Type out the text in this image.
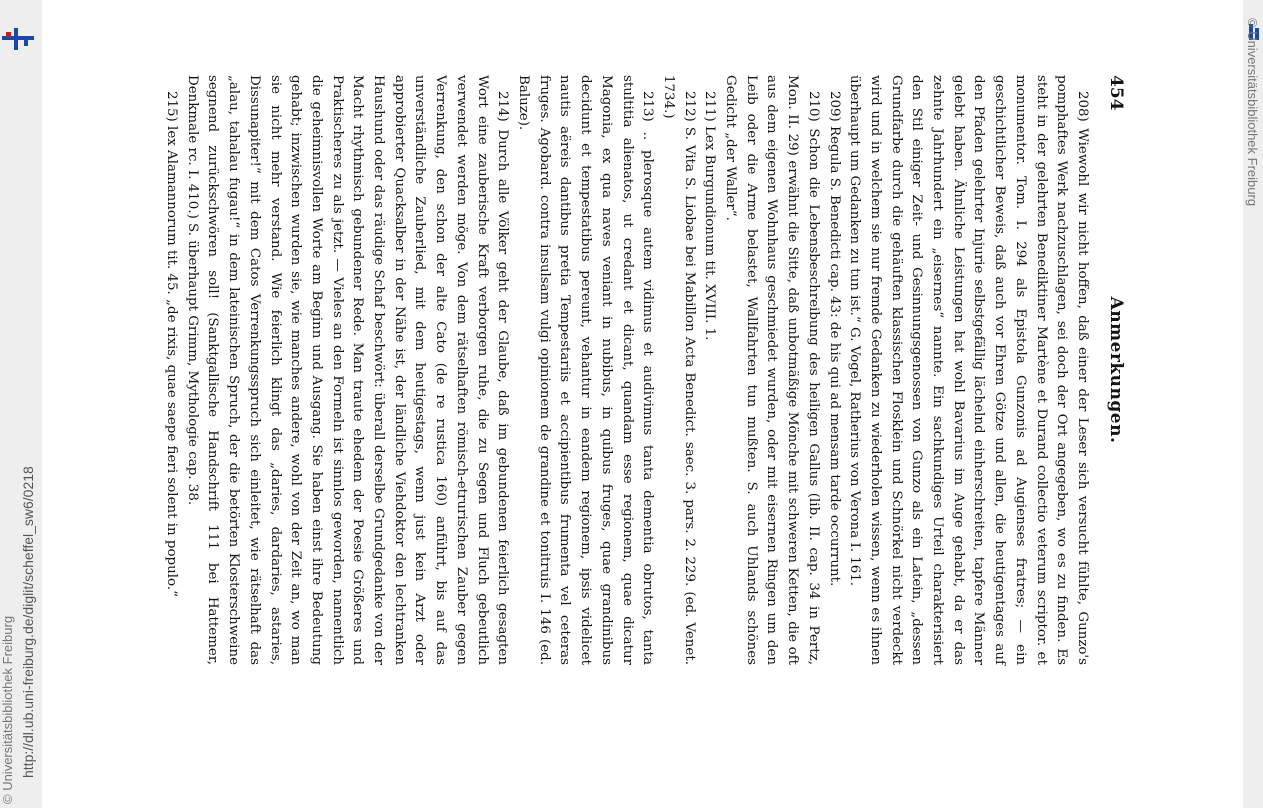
http://dl.ub.uni-freiburg.de/diglit/scheffel_sw6/0218
© Universitätsbibliothek Freiburg
© Universitätsbibliothek Freiburg
454
Anmerkungen.

208) Wiewohl wir nicht hoffen, daß einer der Leser sich versucht fühlte, Gunzo's pomphaftes Werk nachzuschlagen, sei doch der Ort angegeben, wo es zu finden. Es steht in der gelehrten Benediktiner Martène et Durand collectio veterum scriptor. et monumentor. Tom. I. 294 als Epistola Gunzonis ad Augienses fratres; — ein geschichtlicher Beweis, daß auch vor Ehren Götze und allen, die heutigentages auf den Pfaden gelehrter Injurie selbstgefällig lächelnd einherschreiten, tapfere Männer gelebt haben. Ähnliche Leistungen hat wohl Bavarius im Auge gehabt, da er das zehnte Jahrhundert ein „eisernes“ nannte. Ein sachkundiges Urteil charakterisiert den Stil einiger Zeit- und Gesinnungsgenossen von Gunzo als ein Latein, „dessen Grundfarbe durch die gehäuften klassischen Flosklein und Schnörkel nicht verdeckt wird und in welchem sie nur fremde Gedanken zu wiederholen wissen, wenn es ihnen überhaupt um Gedanken zu tun ist.“ G. Vogel, Ratherius von Verona I. 161.

209) Regula S. Benedicti cap. 43: de his qui ad mensam tarde occurrunt.

210) Schon die Lebensbeschreibung des heiligen Gallus (lib. II. cap. 34 in Pertz, Mon. II. 29) erwähnt die Sitte, daß unbotmäßige Mönche mit schweren Ketten, die oft aus dem eigenen Wohnhaus geschmiedet wurden, oder mit eisernen Ringen um den Leib oder die Arme belastet, Wallfahrten tun mußten. S. auch Uhlands schönes Gedicht „der Waller“.

211) Lex Burgundionum tit. XVIII. 1.

212) S. Vita S. Liobae bei Mabillon Acta Benedict. saec. 3. pars. 2. 229. (ed. Venet. 1734.)

213) .. plerosque autem vidimus et audivimus tanta dementia obrutos, tanta stultitia alienatos, ut credant et dicant, quandam esse regionem, quae dicatur Magonia, ex qua naves veniant in nubibus, in quibus fruges, quae grandinibus decidunt et tempestatibus pereunt, vehantur in eandem regionem, ipsis videlicet nautis aëreis dantibus pretia Tempestariis et accipientibus frumenta vel ceteras fruges. Agobard. contra insulsam vulgi opinionem de grandine et tonitruis I. 146 (ed. Baluze).

214) Durch alle Völker geht der Glaube, daß im gebundenen feierlich gesagten Wort eine zauberische Kraft verborgen ruhe, die zu Segen und Fluch gebeutlich verwendet werden möge. Von dem rätselhaften römisch-etrurischen Zauber gegen Verrenkung, den schon der alte Cato (de re rustica 160) anführt, bis auf das unverständliche Zauberlied, mit dem heutigestags, wenn just kein Arzt oder approbierter Quacksalber in der Nähe ist, der ländliche Viehdoktor den lechtranken Haushund oder das räudige Schaf beschwört: überall derselbe Grundgedanke von der Macht rhythmisch gebundener Rede. Man traute ehedem der Poesie Größeres und Praktischeres zu als jetzt. — Vieles an den Formeln ist sinnlos geworden, namentlich die geheimnisvollen Worte am Beginn und Ausgang. Sie haben einst ihre Bedeutung gehabt; inzwischen wurden sie, wie manches andere, wohl von der Zeit an, wo man sie nicht mehr verstand. Wie feierlich klingt das „daries, dardaries, astaries, Dissunapiter!“ mit dem Catos Verrenkungsspruch sich einleitet, wie rätselhaft das „alau, tahalau fugau!“ in dem lateinischen Spruch, der die betörten Klosterschweine segnend zurückschwören soll! (Sanktgallische Handschrift 111 bei Hattemer, Denkmale rc. I. 410.) S. überhaupt Grimm, Mythologie cap. 38.

215) lex Alamannorum tit. 45. „de rixis, quae saepe fieri solent in populo.“
